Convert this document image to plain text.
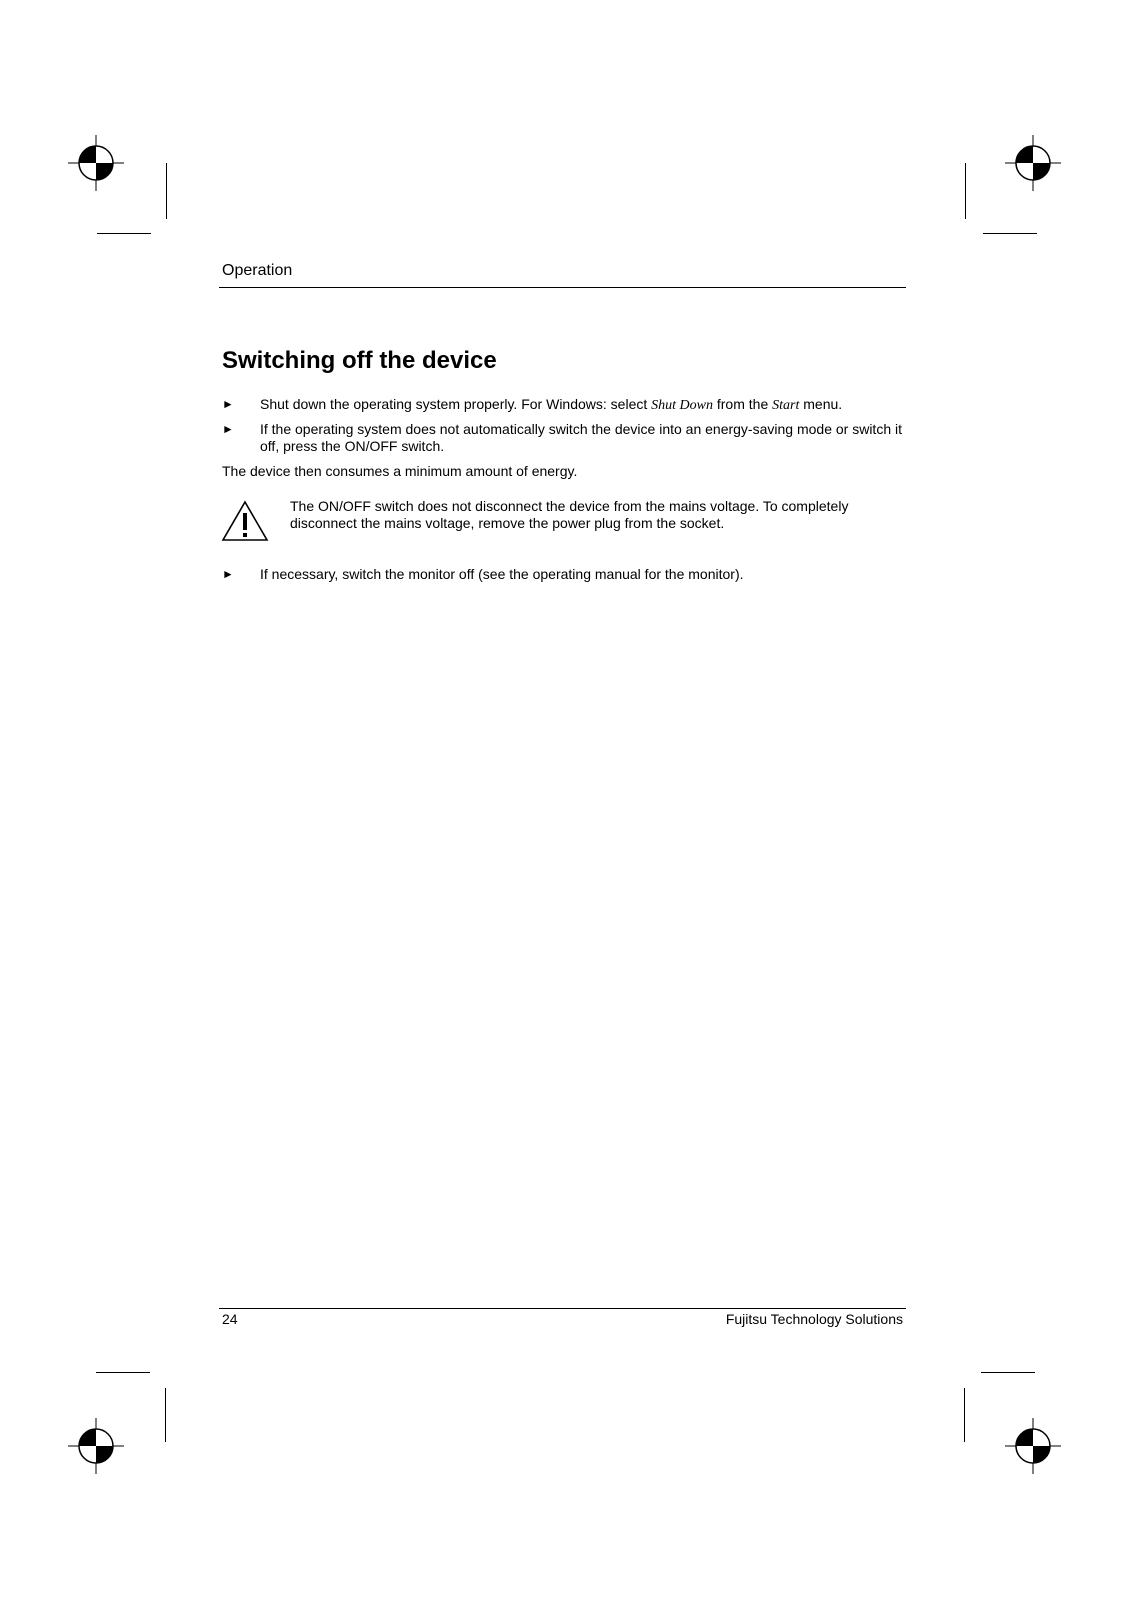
Operation
Switching off the device
► Shut down the operating system properly. For Windows: select Shut Down from the Start menu.
► If the operating system does not automatically switch the device into an energy-saving mode or switch it off, press the ON/OFF switch.
The device then consumes a minimum amount of energy.
The ON/OFF switch does not disconnect the device from the mains voltage. To completely disconnect the mains voltage, remove the power plug from the socket.
► If necessary, switch the monitor off (see the operating manual for the monitor).
24	Fujitsu Technology Solutions
